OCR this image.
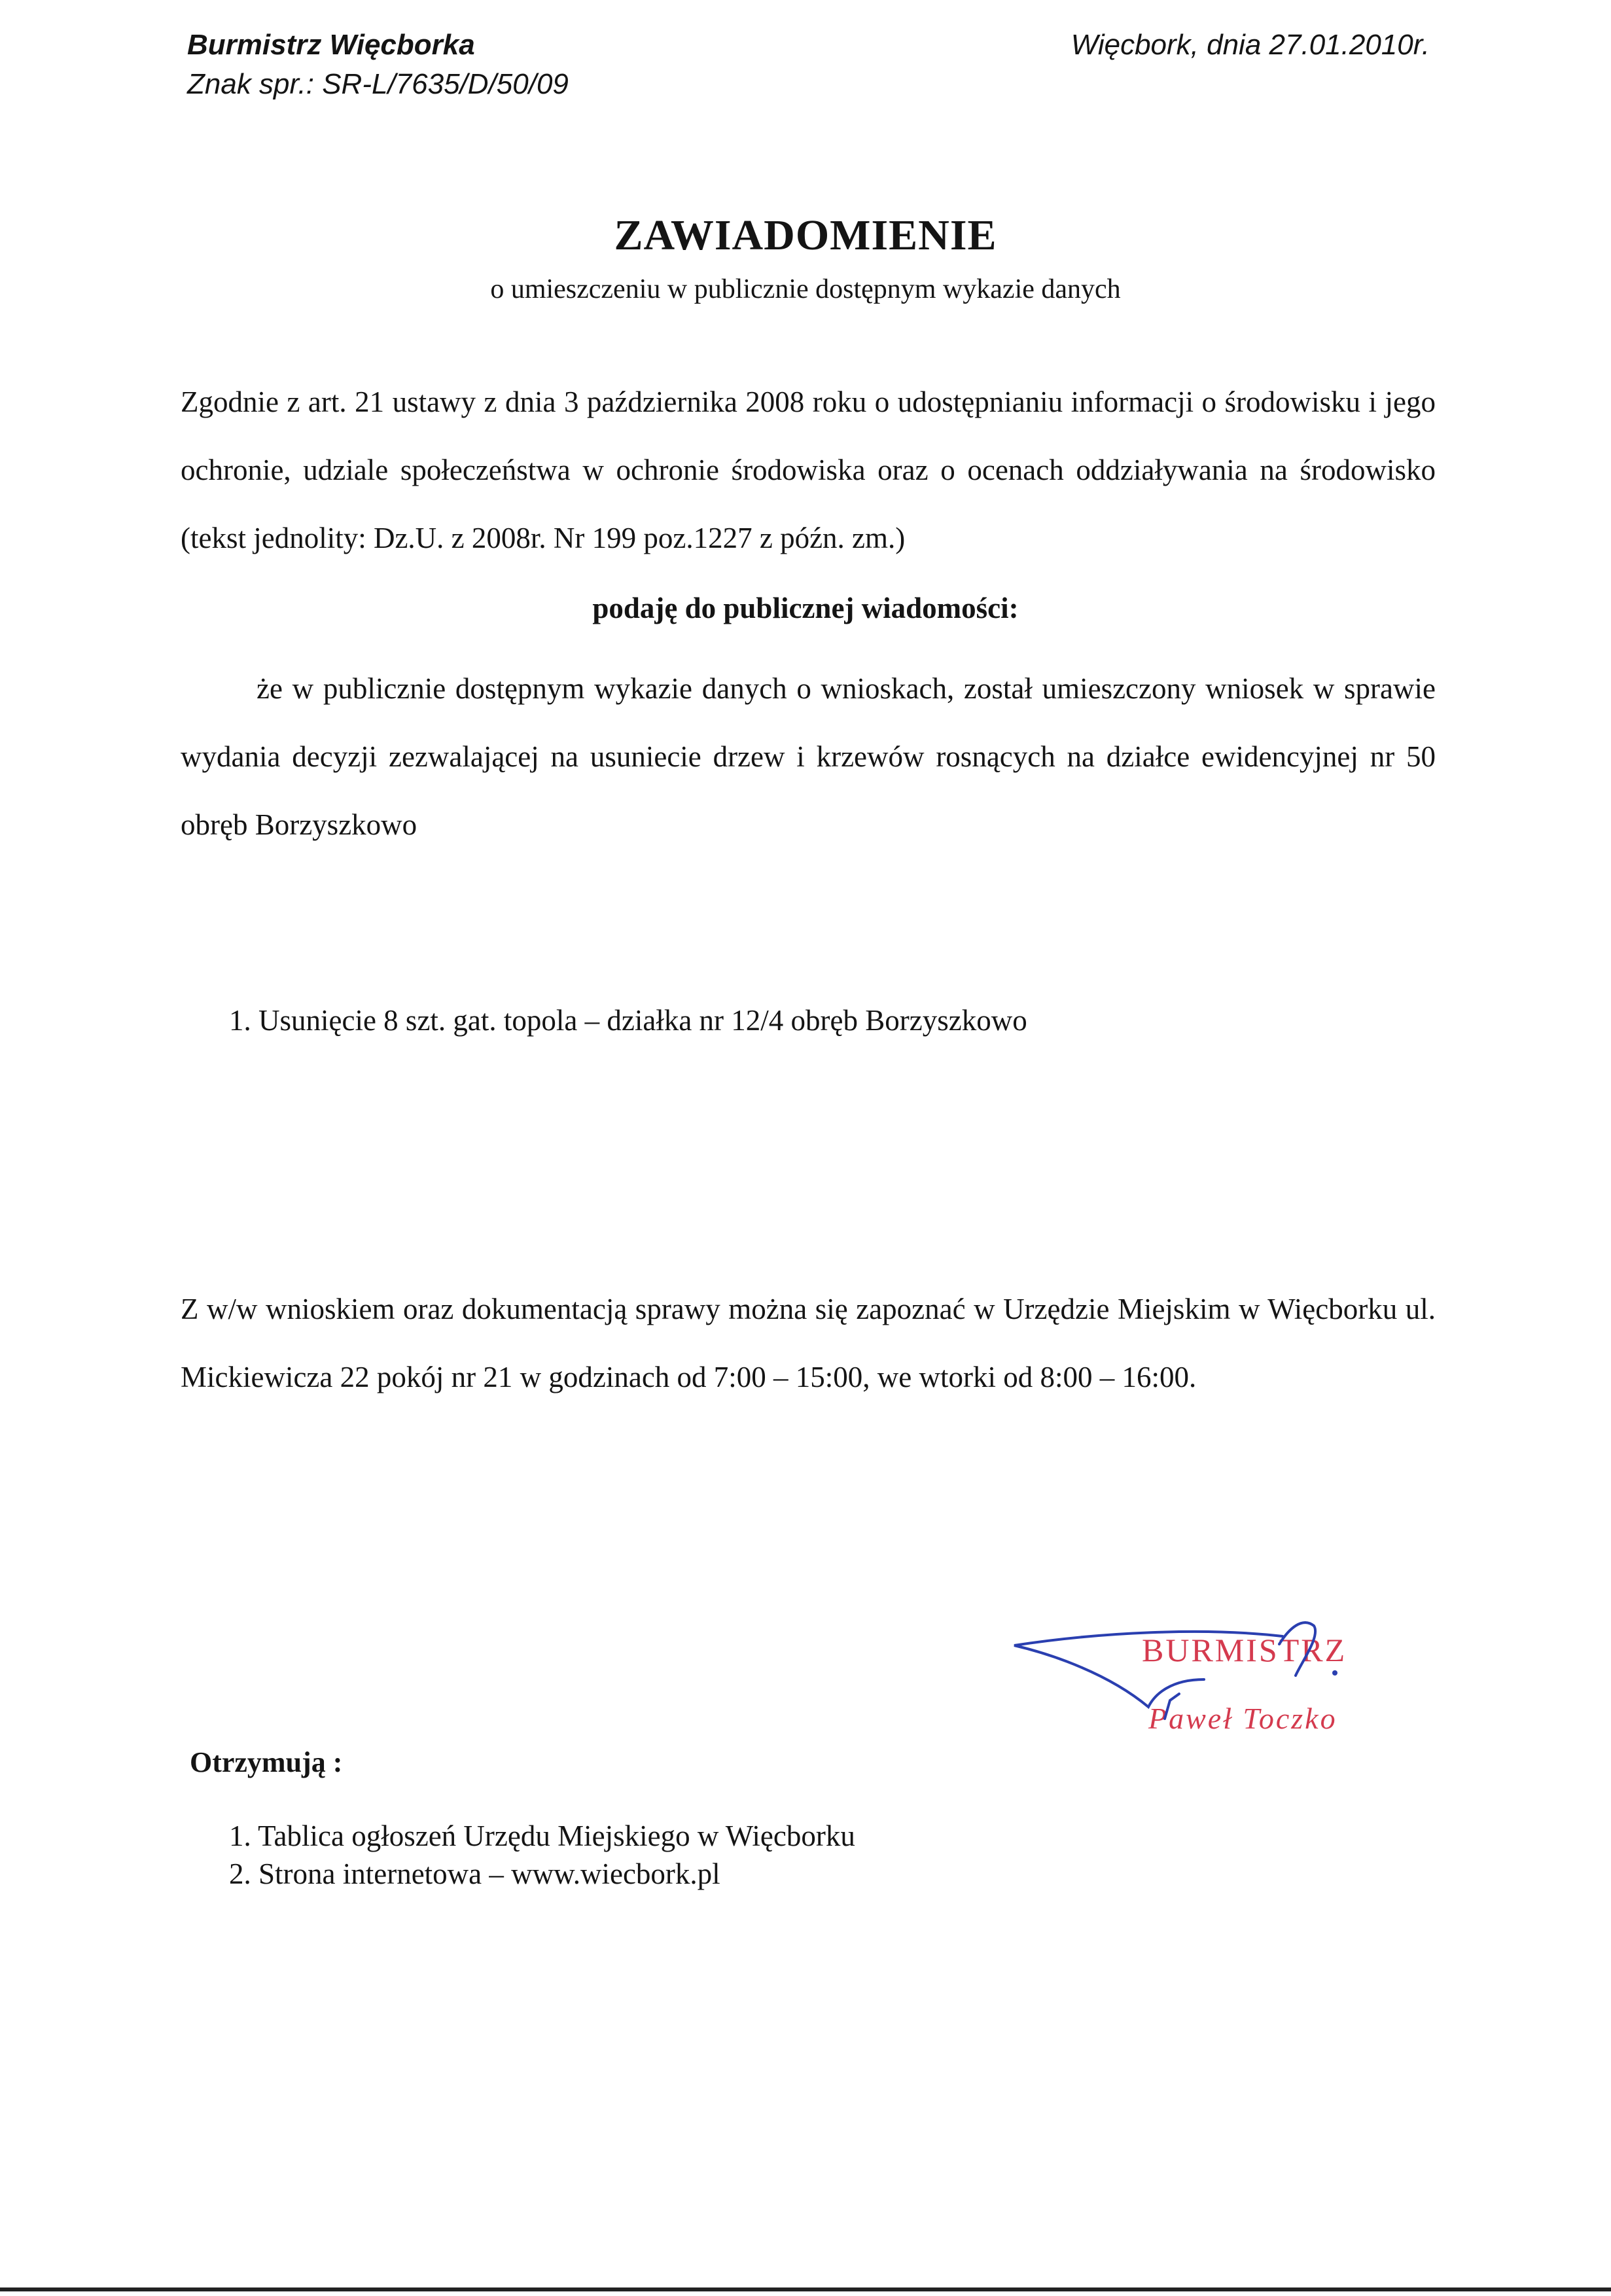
Burmistrz Więcborka
Znak spr.: SR-L/7635/D/50/09
Więcbork, dnia 27.01.2010r.
ZAWIADOMIENIE
o umieszczeniu w publicznie dostępnym wykazie danych

Zgodnie z art. 21 ustawy z dnia 3 października 2008 roku o udostępnianiu informacji o środowisku i jego ochronie, udziale społeczeństwa w ochronie środowiska oraz o ocenach oddziaływania na środowisko (tekst jednolity: Dz.U. z 2008r. Nr 199 poz.1227 z późn. zm.)

podaję do publicznej wiadomości:

że w publicznie dostępnym wykazie danych o wnioskach, został umieszczony wniosek w sprawie wydania decyzji zezwalającej na usuniecie drzew i krzewów rosnących na działce ewidencyjnej nr 50 obręb Borzyszkowo

1. Usunięcie 8 szt. gat. topola – działka nr 12/4 obręb Borzyszkowo

Z w/w wnioskiem oraz dokumentacją sprawy można się zapoznać w Urzędzie Miejskim w Więcborku ul. Mickiewicza 22 pokój nr 21 w godzinach od 7:00 – 15:00, we wtorki od 8:00 – 16:00.

BURMISTRZ
Paweł Toczko
Otrzymują :
1. Tablica ogłoszeń Urzędu Miejskiego w Więcborku
2. Strona internetowa – www.wiecbork.pl
